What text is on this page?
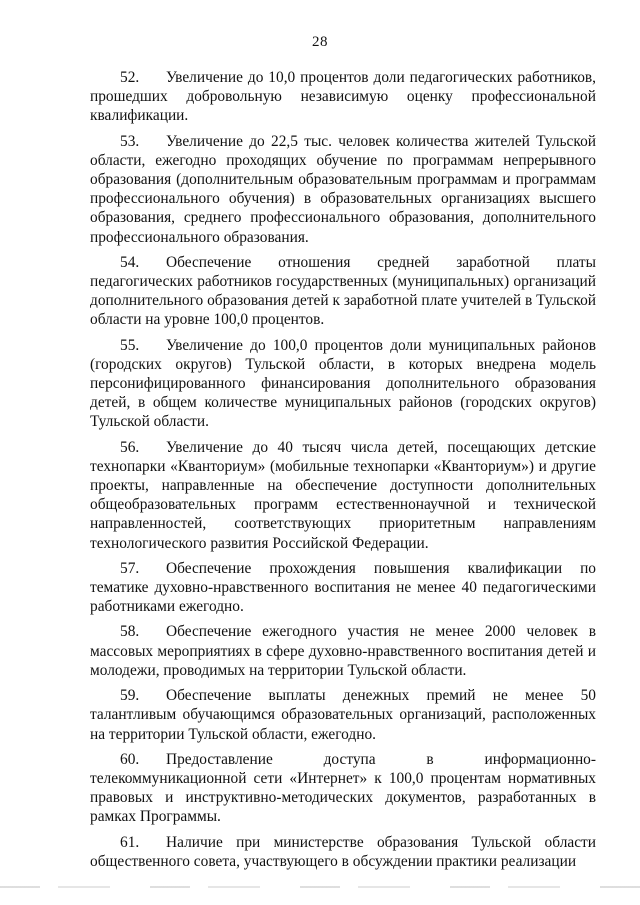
28

52. Увеличение до 10,0 процентов доли педагогических работников, прошедших добровольную независимую оценку профессиональной квалификации.

53. Увеличение до 22,5 тыс. человек количества жителей Тульской области, ежегодно проходящих обучение по программам непрерывного образования (дополнительным образовательным программам и программам профессионального обучения) в образовательных организациях высшего образования, среднего профессионального образования, дополнительного профессионального образования.

54. Обеспечение отношения средней заработной платы педагогических работников государственных (муниципальных) организаций дополнительного образования детей к заработной плате учителей в Тульской области на уровне 100,0 процентов.

55. Увеличение до 100,0 процентов доли муниципальных районов (городских округов) Тульской области, в которых внедрена модель персонифицированного финансирования дополнительного образования детей, в общем количестве муниципальных районов (городских округов) Тульской области.

56. Увеличение до 40 тысяч числа детей, посещающих детские технопарки «Кванториум» (мобильные технопарки «Кванториум») и другие проекты, направленные на обеспечение доступности дополнительных общеобразовательных программ естественнонаучной и технической направленностей, соответствующих приоритетным направлениям технологического развития Российской Федерации.

57. Обеспечение прохождения повышения квалификации по тематике духовно-нравственного воспитания не менее 40 педагогическими работниками ежегодно.

58. Обеспечение ежегодного участия не менее 2000 человек в массовых мероприятиях в сфере духовно-нравственного воспитания детей и молодежи, проводимых на территории Тульской области.

59. Обеспечение выплаты денежных премий не менее 50 талантливым обучающимся образовательных организаций, расположенных на территории Тульской области, ежегодно.

60. Предоставление доступа в информационно-телекоммуникационной сети «Интернет» к 100,0 процентам нормативных правовых и инструктивно-методических документов, разработанных в рамках Программы.

61. Наличие при министерстве образования Тульской области общественного совета, участвующего в обсуждении практики реализации
